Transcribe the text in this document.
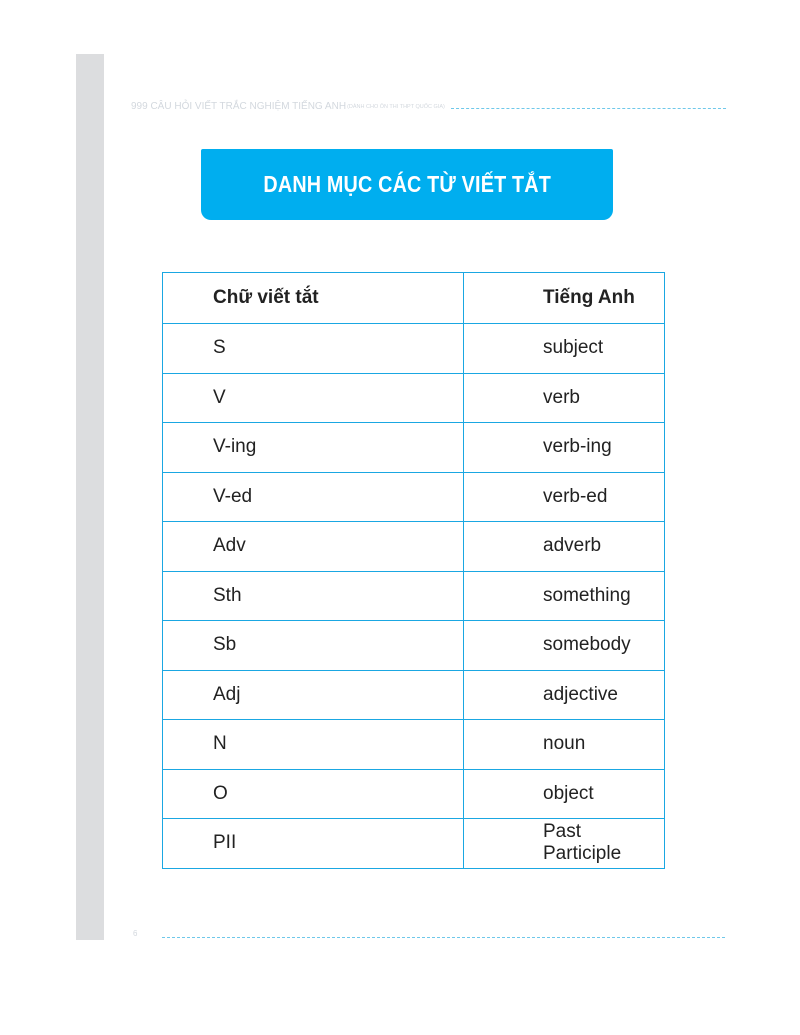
999 CÂU HỎI VIẾT TRẮC NGHIỆM TIẾNG ANH (DÀNH CHO ÔN THI THPT QUỐC GIA)
DANH MỤC CÁC TỪ VIẾT TẮT
Chữ viết tắt	Tiếng Anh
S	subject
V	verb
V-ing	verb-ing
V-ed	verb-ed
Adv	adverb
Sth	something
Sb	somebody
Adj	adjective
N	noun
O	object
PII	Past Participle
6
